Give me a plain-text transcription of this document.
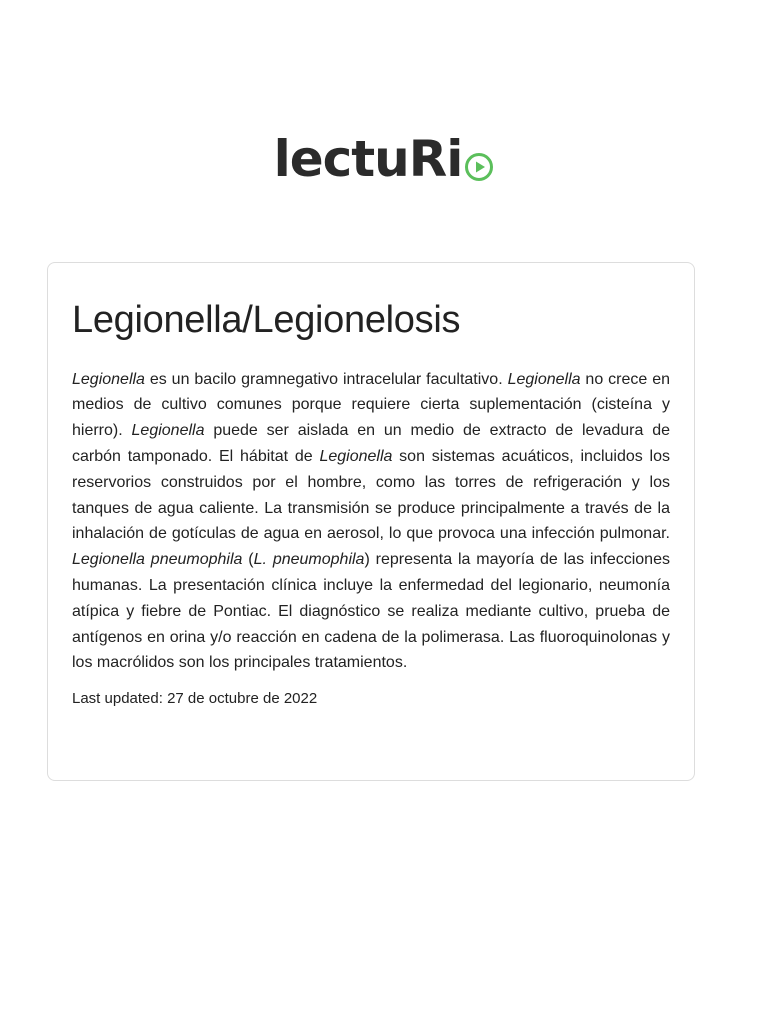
lectuRi
Legionella/Legionelosis

Legionella es un bacilo gramnegativo intracelular facultativo. Legionella no crece en medios de cultivo comunes porque requiere cierta suplementación (cisteína y hierro). Legionella puede ser aislada en un medio de extracto de levadura de carbón tamponado. El hábitat de Legionella son sistemas acuáticos, incluidos los reservorios construidos por el hombre, como las torres de refrigeración y los tanques de agua caliente. La transmisión se produce principalmente a través de la inhalación de gotículas de agua en aerosol, lo que provoca una infección pulmonar. Legionella pneumophila (L. pneumophila) representa la mayoría de las infecciones humanas. La presentación clínica incluye la enfermedad del legionario, neumonía atípica y fiebre de Pontiac. El diagnóstico se realiza mediante cultivo, prueba de antígenos en orina y/o reacción en cadena de la polimerasa. Las fluoroquinolonas y los macrólidos son los principales tratamientos.

Last updated: 27 de octubre de 2022
